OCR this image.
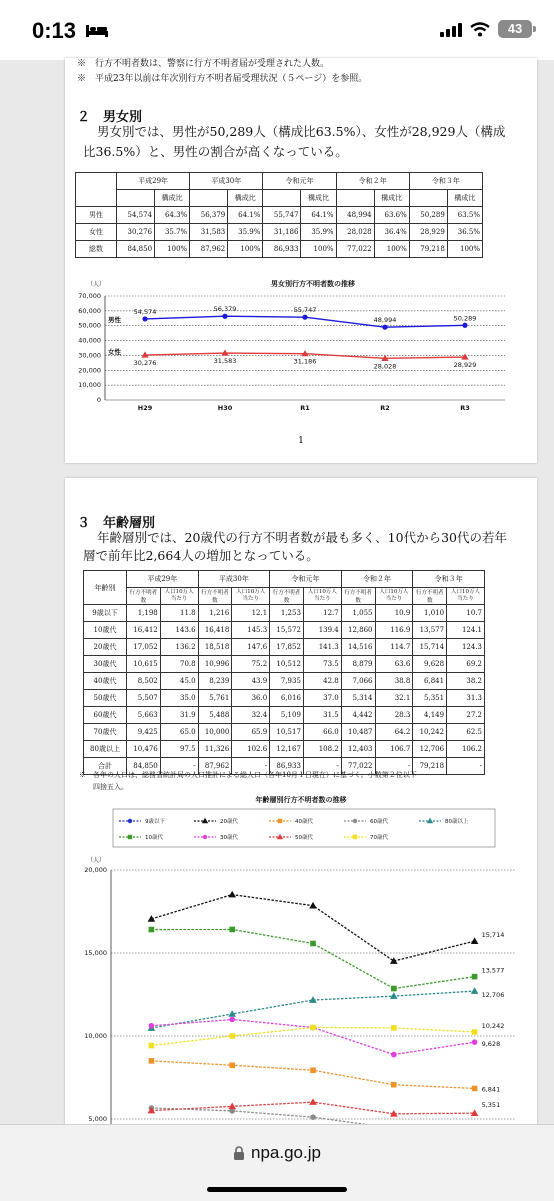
0:13	43
※　行方不明者数は、警察に行方不明者届が受理された人数。
※　平成23年以前は年次別行方不明者届受理状況（５ページ）を参照。
２　男女別
男女別では、男性が50,289人（構成比63.5%）、女性が28,929人（構成
比36.5%）と、男性の割合が高くなっている。
	平成29年		平成30年		令和元年		令和２年		令和３年	
		構成比		構成比		構成比		構成比		構成比
男性	54,574	64.3%	56,379	64.1%	55,747	64.1%	48,994	63.6%	50,289	63.5%
女性	30,276	35.7%	31,583	35.9%	31,186	35.9%	28,028	36.4%	28,929	36.5%
総数	84,850	100%	87,962	100%	86,933	100%	77,022	100%	79,218	100%
男女別行方不明者数の推移
（人）
0
10,000
20,000
30,000
40,000
50,000
60,000
70,000
H29	H30	R1	R2	R3
54,574	56,379	55,747
48,994	50,289
男性
30,276	31,583	31,186
28,028	28,929
女性
1
３　年齢層別
年齢層別では、20歳代の行方不明者数が最も多く、10代から30代の若年
層で前年比2,664人の増加となっている。
年齢別	平成29年		平成30年		令和元年		令和２年		令和３年	
	行方不明者数	人口10万人当たり	行方不明者数	人口10万人当たり	行方不明者数	人口10万人当たり	行方不明者数	人口10万人当たり	行方不明者数	人口10万人当たり
9歳以下	1,198	11.8	1,216	12.1	1,253	12.7	1,055	10.9	1,010	10.7
10歳代	16,412	143.6	16,418	145.3	15,572	139.4	12,860	116.9	13,577	124.1
20歳代	17,052	136.2	18,518	147.6	17,852	141.3	14,516	114.7	15,714	124.3
30歳代	10,615	70.8	10,996	75.2	10,512	73.5	8,879	63.6	9,628	69.2
40歳代	8,502	45.0	8,239	43.9	7,935	42.8	7,066	38.8	6,841	38.2
50歳代	5,507	35.0	5,761	36.0	6,016	37.0	5,314	32.1	5,351	31.3
60歳代	5,663	31.9	5,488	32.4	5,109	31.5	4,442	28.3	4,149	27.2
70歳代	9,425	65.0	10,000	65.9	10,517	66.0	10,487	64.2	10,242	62.5
80歳以上	10,476	97.5	11,326	102.6	12,167	108.2	12,403	106.7	12,706	106.2
合計	84,850	-	87,962	-	86,933	-	77,022	-	79,218	-
※　各年の人口は、総務省統計局の人口推計による総人口（各年10月１日現在）に基づく。小数第２位以下
四捨五入。
年齢層別行方不明者数の推移
9歳以下	20歳代	40歳代	60歳代	80歳以上
10歳代	30歳代	50歳代	70歳代
（人）
5,000
10,000
15,000
20,000
15,714
6,841
12,706
13,577
9,628
5,351
10,242
npa.go.jp
